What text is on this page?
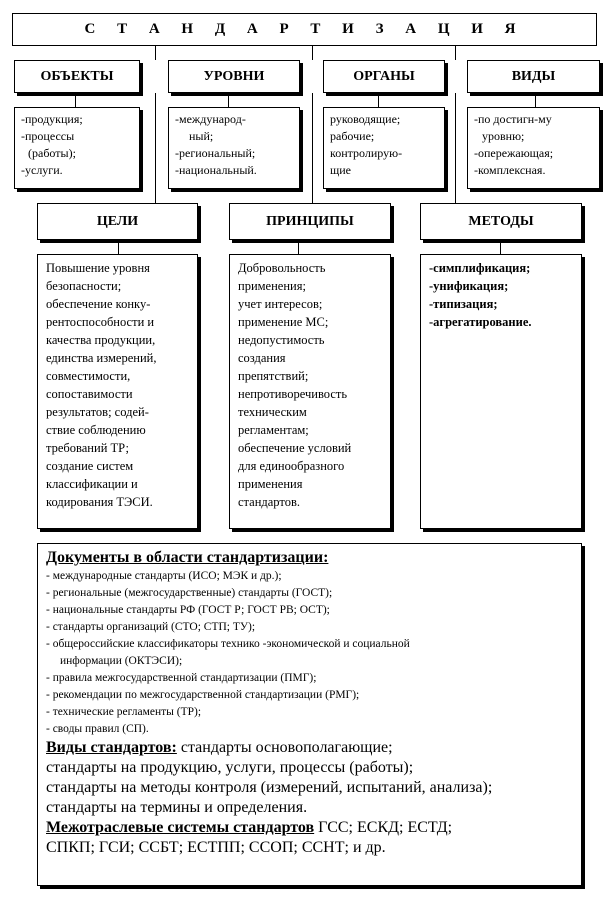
С Т А Н Д А Р Т И З А Ц И Я
ОБЪЕКТЫ	УРОВНИ	ОРГАНЫ	ВИДЫ
-продукция;
-процессы
(работы);
-услуги.
-международ-
ный;
-региональный;
-национальный.
руководящие;
рабочие;
контролирую-
щие
-по достигн-му
уровню;
-опережающая;
-комплексная.
ЦЕЛИ	ПРИНЦИПЫ	МЕТОДЫ
Повышение уровня
безопасности;
обеспечение конку-
рентоспособности и
качества продукции,
единства измерений,
совместимости,
сопоставимости
результатов; содей-
ствие соблюдению
требований ТР;
создание систем
классификации и
кодирования ТЭСИ.
Добровольность
применения;
учет интересов;
применение МС;
недопустимость
создания
препятствий;
непротиворечивость
техническим
регламентам;
обеспечение условий
для единообразного
применения
стандартов.
-симплификация;
-унификация;
-типизация;
-агрегатирование.
Документы в области стандартизации:
- международные стандарты (ИСО; МЭК и др.);
- региональные (межгосударственные) стандарты (ГОСТ);
- национальные стандарты РФ (ГОСТ Р; ГОСТ РВ; ОСТ);
- стандарты организаций (СТО; СТП; ТУ);
- общероссийские классификаторы технико -экономической и социальной
информации (ОКТЭСИ);
- правила межгосударственной стандартизации (ПМГ);
- рекомендации по межгосударственной стандартизации (РМГ);
- технические регламенты (ТР);
- своды правил (СП).
Виды стандартов: стандарты основополагающие;
стандарты на продукцию, услуги, процессы (работы);
стандарты на методы контроля (измерений, испытаний, анализа);
стандарты на термины и определения.
Межотраслевые системы стандартов ГСС; ЕСКД; ЕСТД;
СПКП; ГСИ; ССБТ; ЕСТПП; ССОП; ССНТ; и др.
